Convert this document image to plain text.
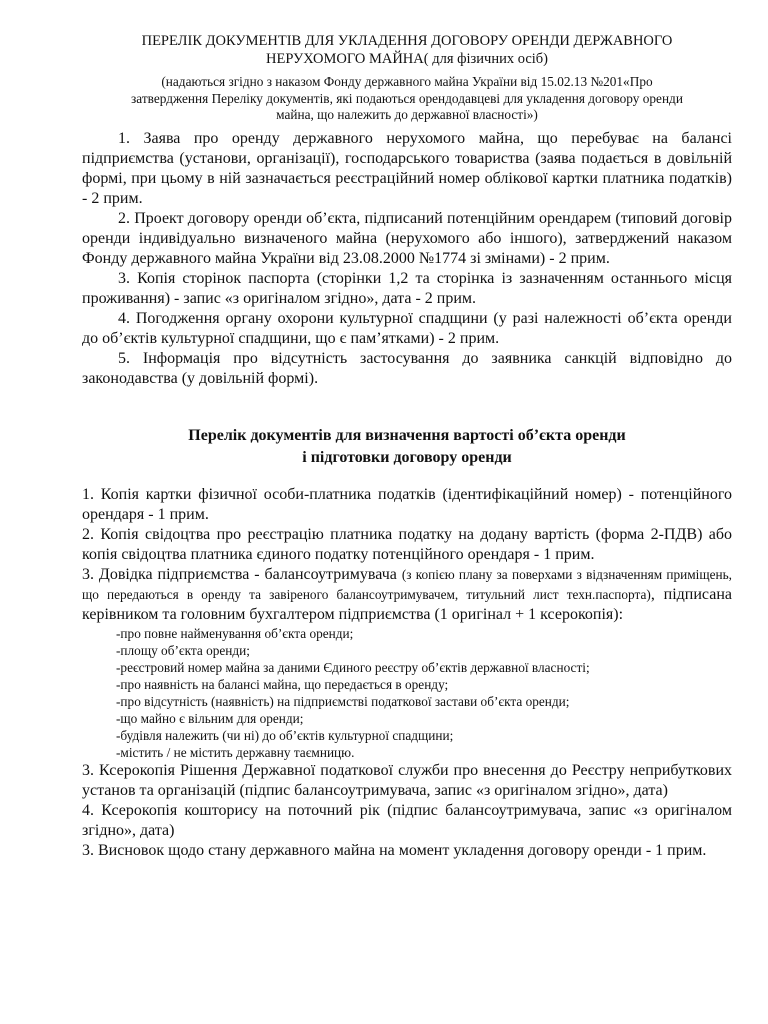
ПЕРЕЛІК ДОКУМЕНТІВ ДЛЯ УКЛАДЕННЯ ДОГОВОРУ ОРЕНДИ ДЕРЖАВНОГО
НЕРУХОМОГО МАЙНА( для фізичних осіб)
(надаються згідно з наказом Фонду державного майна України від 15.02.13 №201«Про
затвердження Переліку документів, які подаються орендодавцеві для укладення договору оренди
майна, що належить до державної власності»)

1. Заява про оренду державного нерухомого майна, що перебуває на балансі підприємства (установи, організації), господарського товариства (заява подається в довільній формі, при цьому в ній зазначається реєстраційний номер облікової картки платника податків) - 2 прим.

2. Проект договору оренди об’єкта, підписаний потенційним орендарем (типовий договір оренди індивідуально визначеного майна (нерухомого або іншого), затверджений наказом Фонду державного майна України від 23.08.2000 №1774 зі змінами) - 2 прим.

3. Копія сторінок паспорта (сторінки 1,2 та сторінка із зазначенням останнього місця проживання) - запис «з оригіналом згідно», дата - 2 прим.

4. Погодження органу охорони культурної спадщини (у разі належності об’єкта оренди до об’єктів культурної спадщини, що є пам’ятками) - 2 прим.

5. Інформація про відсутність застосування до заявника санкцій відповідно до законодавства (у довільній формі).

Перелік документів для визначення вартості об’єкта оренди
і підготовки договору оренди

1. Копія картки фізичної особи-платника податків (ідентифікаційний номер) - потенційного орендаря - 1 прим.

2. Копія свідоцтва про реєстрацію платника податку на додану вартість (форма 2-ПДВ) або копія свідоцтва платника єдиного податку потенційного орендаря - 1 прим.

3. Довідка підприємства - балансоутримувача (з копією плану за поверхами з відзначенням приміщень, що передаються в оренду та завіреного балансоутримувачем, титульний лист техн.паспорта), підписана керівником та головним бухгалтером підприємства (1 оригінал + 1 ксерокопія):

-про повне найменування об’єкта оренди;
-площу об’єкта оренди;
-реєстровий номер майна за даними Єдиного реєстру об’єктів державної власності;
-про наявність на балансі майна, що передається в оренду;
-про відсутність (наявність) на підприємстві податкової застави об’єкта оренди;
-що майно є вільним для оренди;
-будівля належить (чи ні) до об’єктів культурної спадщини;
-містить / не містить державну таємницю.

3. Ксерокопія Рішення Державної податкової служби про внесення до Реєстру неприбуткових установ та організацій (підпис балансоутримувача, запис «з оригіналом згідно», дата)

4. Ксерокопія кошторису на поточний рік (підпис балансоутримувача, запис «з оригіналом згідно», дата)

3. Висновок щодо стану державного майна на момент укладення договору оренди - 1 прим.
